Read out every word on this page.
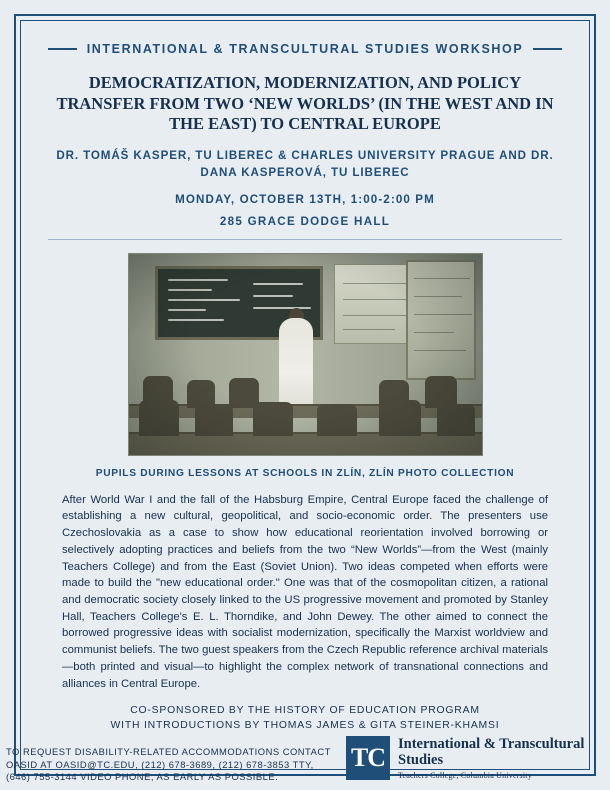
INTERNATIONAL & TRANSCULTURAL STUDIES WORKSHOP
DEMOCRATIZATION, MODERNIZATION, AND POLICY TRANSFER FROM TWO ‘NEW WORLDS’ (IN THE WEST AND IN THE EAST) TO CENTRAL EUROPE
DR. TOMÁŠ KASPER, TU LIBEREC & CHARLES UNIVERSITY PRAGUE AND DR. DANA KASPEROVÁ, TU LIBEREC
MONDAY, OCTOBER 13TH, 1:00-2:00 PM
285 GRACE DODGE HALL
PUPILS DURING LESSONS AT SCHOOLS IN ZLÍN, ZLÍN PHOTO COLLECTION
After World War I and the fall of the Habsburg Empire, Central Europe faced the challenge of establishing a new cultural, geopolitical, and socio-economic order. The presenters use Czechoslovakia as a case to show how educational reorientation involved borrowing or selectively adopting practices and beliefs from the two “New Worlds”—from the West (mainly Teachers College) and from the East (Soviet Union). Two ideas competed when efforts were made to build the "new educational order." One was that of the cosmopolitan citizen, a rational and democratic society closely linked to the US progressive movement and promoted by Stanley Hall, Teachers College's E. L. Thorndike, and John Dewey. The other aimed to connect the borrowed progressive ideas with socialist modernization, specifically the Marxist worldview and communist beliefs. The two guest speakers from the Czech Republic reference archival materials—both printed and visual—to highlight the complex network of transnational connections and alliances in Central Europe.
CO-SPONSORED BY THE HISTORY OF EDUCATION PROGRAM
WITH INTRODUCTIONS BY THOMAS JAMES & GITA STEINER-KHAMSI
TO REQUEST DISABILITY-RELATED ACCOMMODATIONS CONTACT OASID AT OASID@TC.EDU, (212) 678-3689, (212) 678-3853 TTY, (646) 755-3144 VIDEO PHONE, AS EARLY AS POSSIBLE.
TC International & Transcultural Studies
Teachers College, Columbia University
